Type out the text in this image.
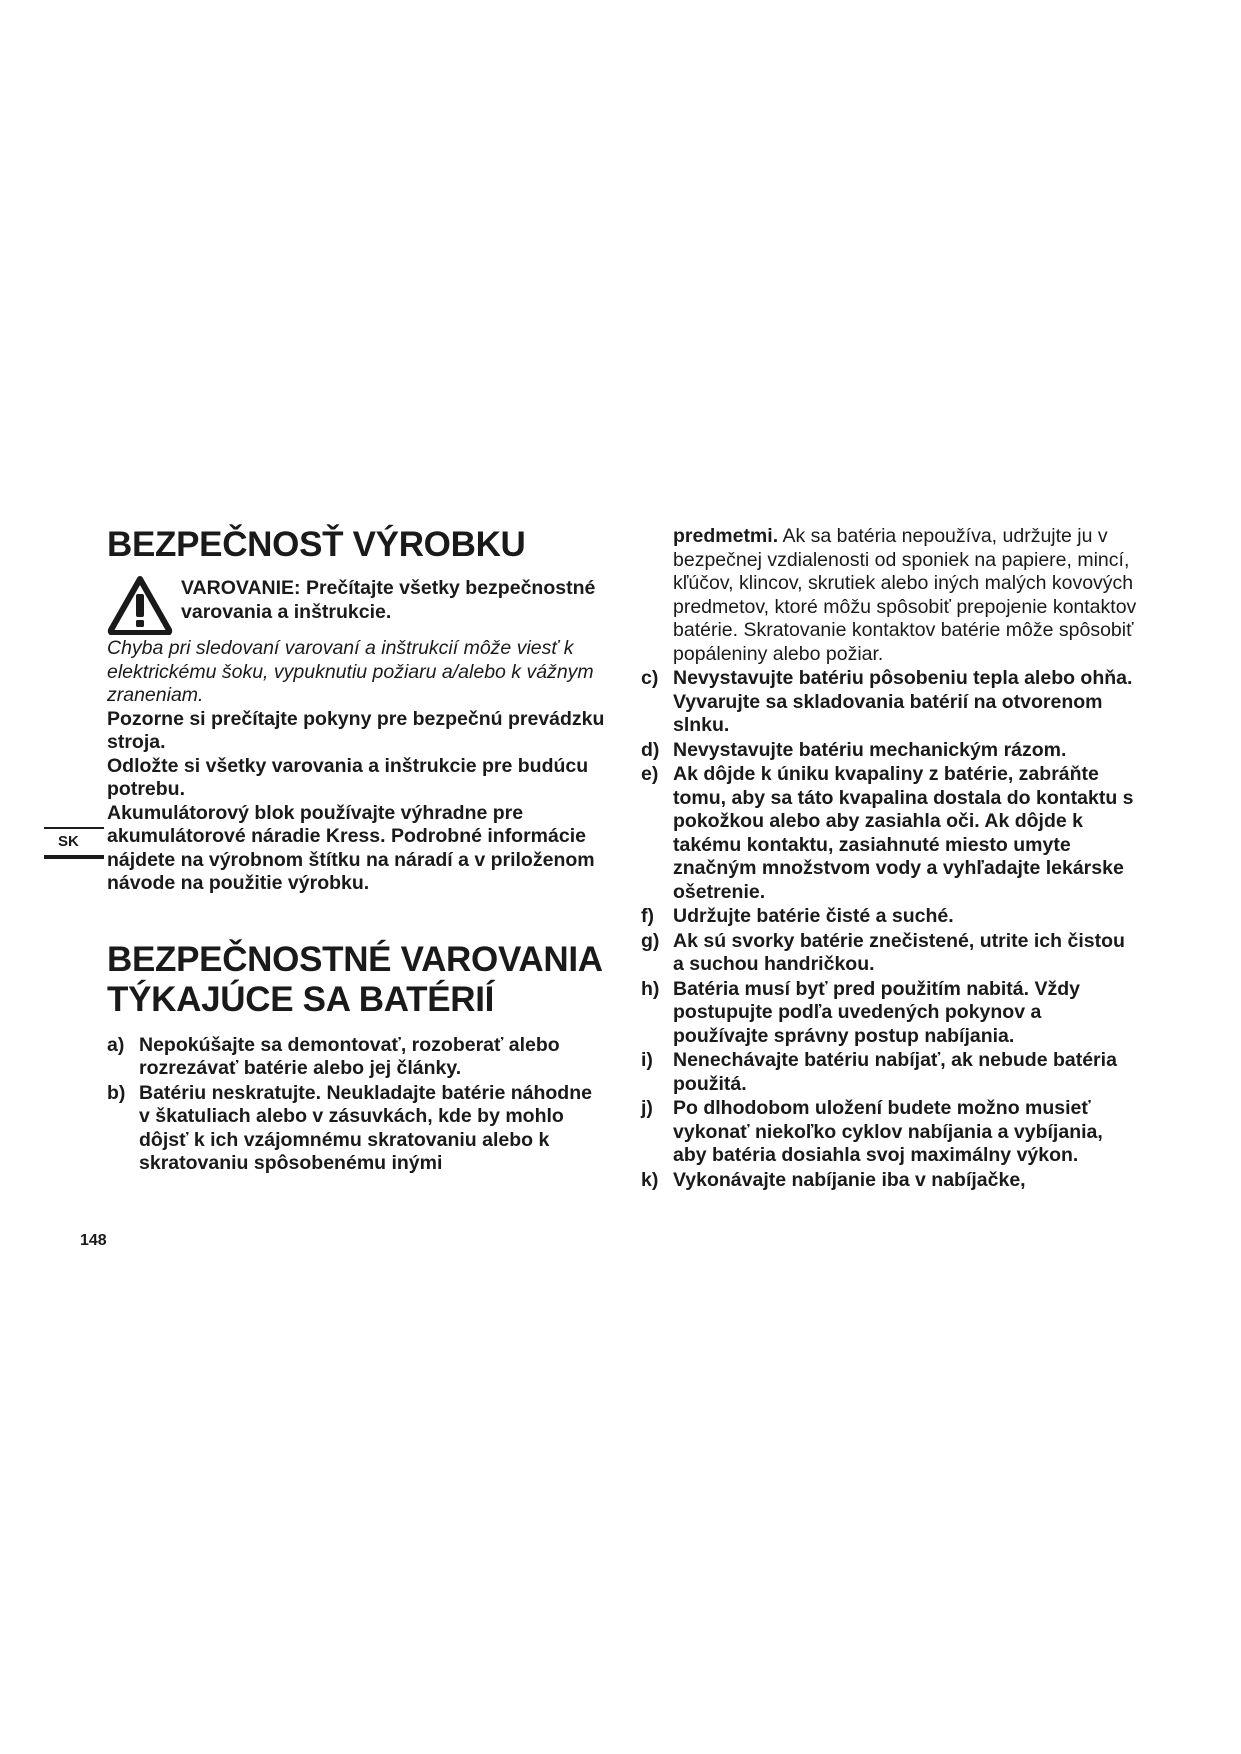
BEZPEČNOSŤ VÝROBKU

VAROVANIE: Prečítajte všetky bezpečnostné varovania a inštrukcie.

Chyba pri sledovaní varovaní a inštrukcií môže viesť k elektrickému šoku, vypuknutiu požiaru a/alebo k vážnym zraneniam.

Pozorne si prečítajte pokyny pre bezpečnú prevádzku stroja.

Odložte si všetky varovania a inštrukcie pre budúcu potrebu.

Akumulátorový blok používajte výhradne pre akumulátorové náradie Kress. Podrobné informácie nájdete na výrobnom štítku na náradí a v priloženom návode na použitie výrobku.

BEZPEČNOSTNÉ VAROVANIA TÝKAJÚCE SA BATÉRIÍ
a) Nepokúšajte sa demontovať, rozoberať alebo rozrezávať batérie alebo jej články.
b) Batériu neskratujte. Neukladajte batérie náhodne v škatuliach alebo v zásuvkách, kde by mohlo dôjsť k ich vzájomnému skratovaniu alebo k skratovaniu spôsobenému inými

predmetmi. Ak sa batéria nepoužíva, udržujte ju v bezpečnej vzdialenosti od sponiek na papiere, mincí, kľúčov, klincov, skrutiek alebo iných malých kovových predmetov, ktoré môžu spôsobiť prepojenie kontaktov batérie. Skratovanie kontaktov batérie môže spôsobiť popáleniny alebo požiar.

c) Nevystavujte batériu pôsobeniu tepla alebo ohňa. Vyvarujte sa skladovania batérií na otvorenom slnku.
d) Nevystavujte batériu mechanickým rázom.
e) Ak dôjde k úniku kvapaliny z batérie, zabráňte tomu, aby sa táto kvapalina dostala do kontaktu s pokožkou alebo aby zasiahla oči. Ak dôjde k takému kontaktu, zasiahnuté miesto umyte značným množstvom vody a vyhľadajte lekárske ošetrenie.
f) Udržujte batérie čisté a suché.
g) Ak sú svorky batérie znečistené, utrite ich čistou a suchou handričkou.
h) Batéria musí byť pred použitím nabitá. Vždy postupujte podľa uvedených pokynov a používajte správny postup nabíjania.
i) Nenechávajte batériu nabíjať, ak nebude batéria použitá.
j) Po dlhodobom uložení budete možno musieť vykonať niekoľko cyklov nabíjania a vybíjania, aby batéria dosiahla svoj maximálny výkon.
k) Vykonávajte nabíjanie iba v nabíjačke,
SK
148
